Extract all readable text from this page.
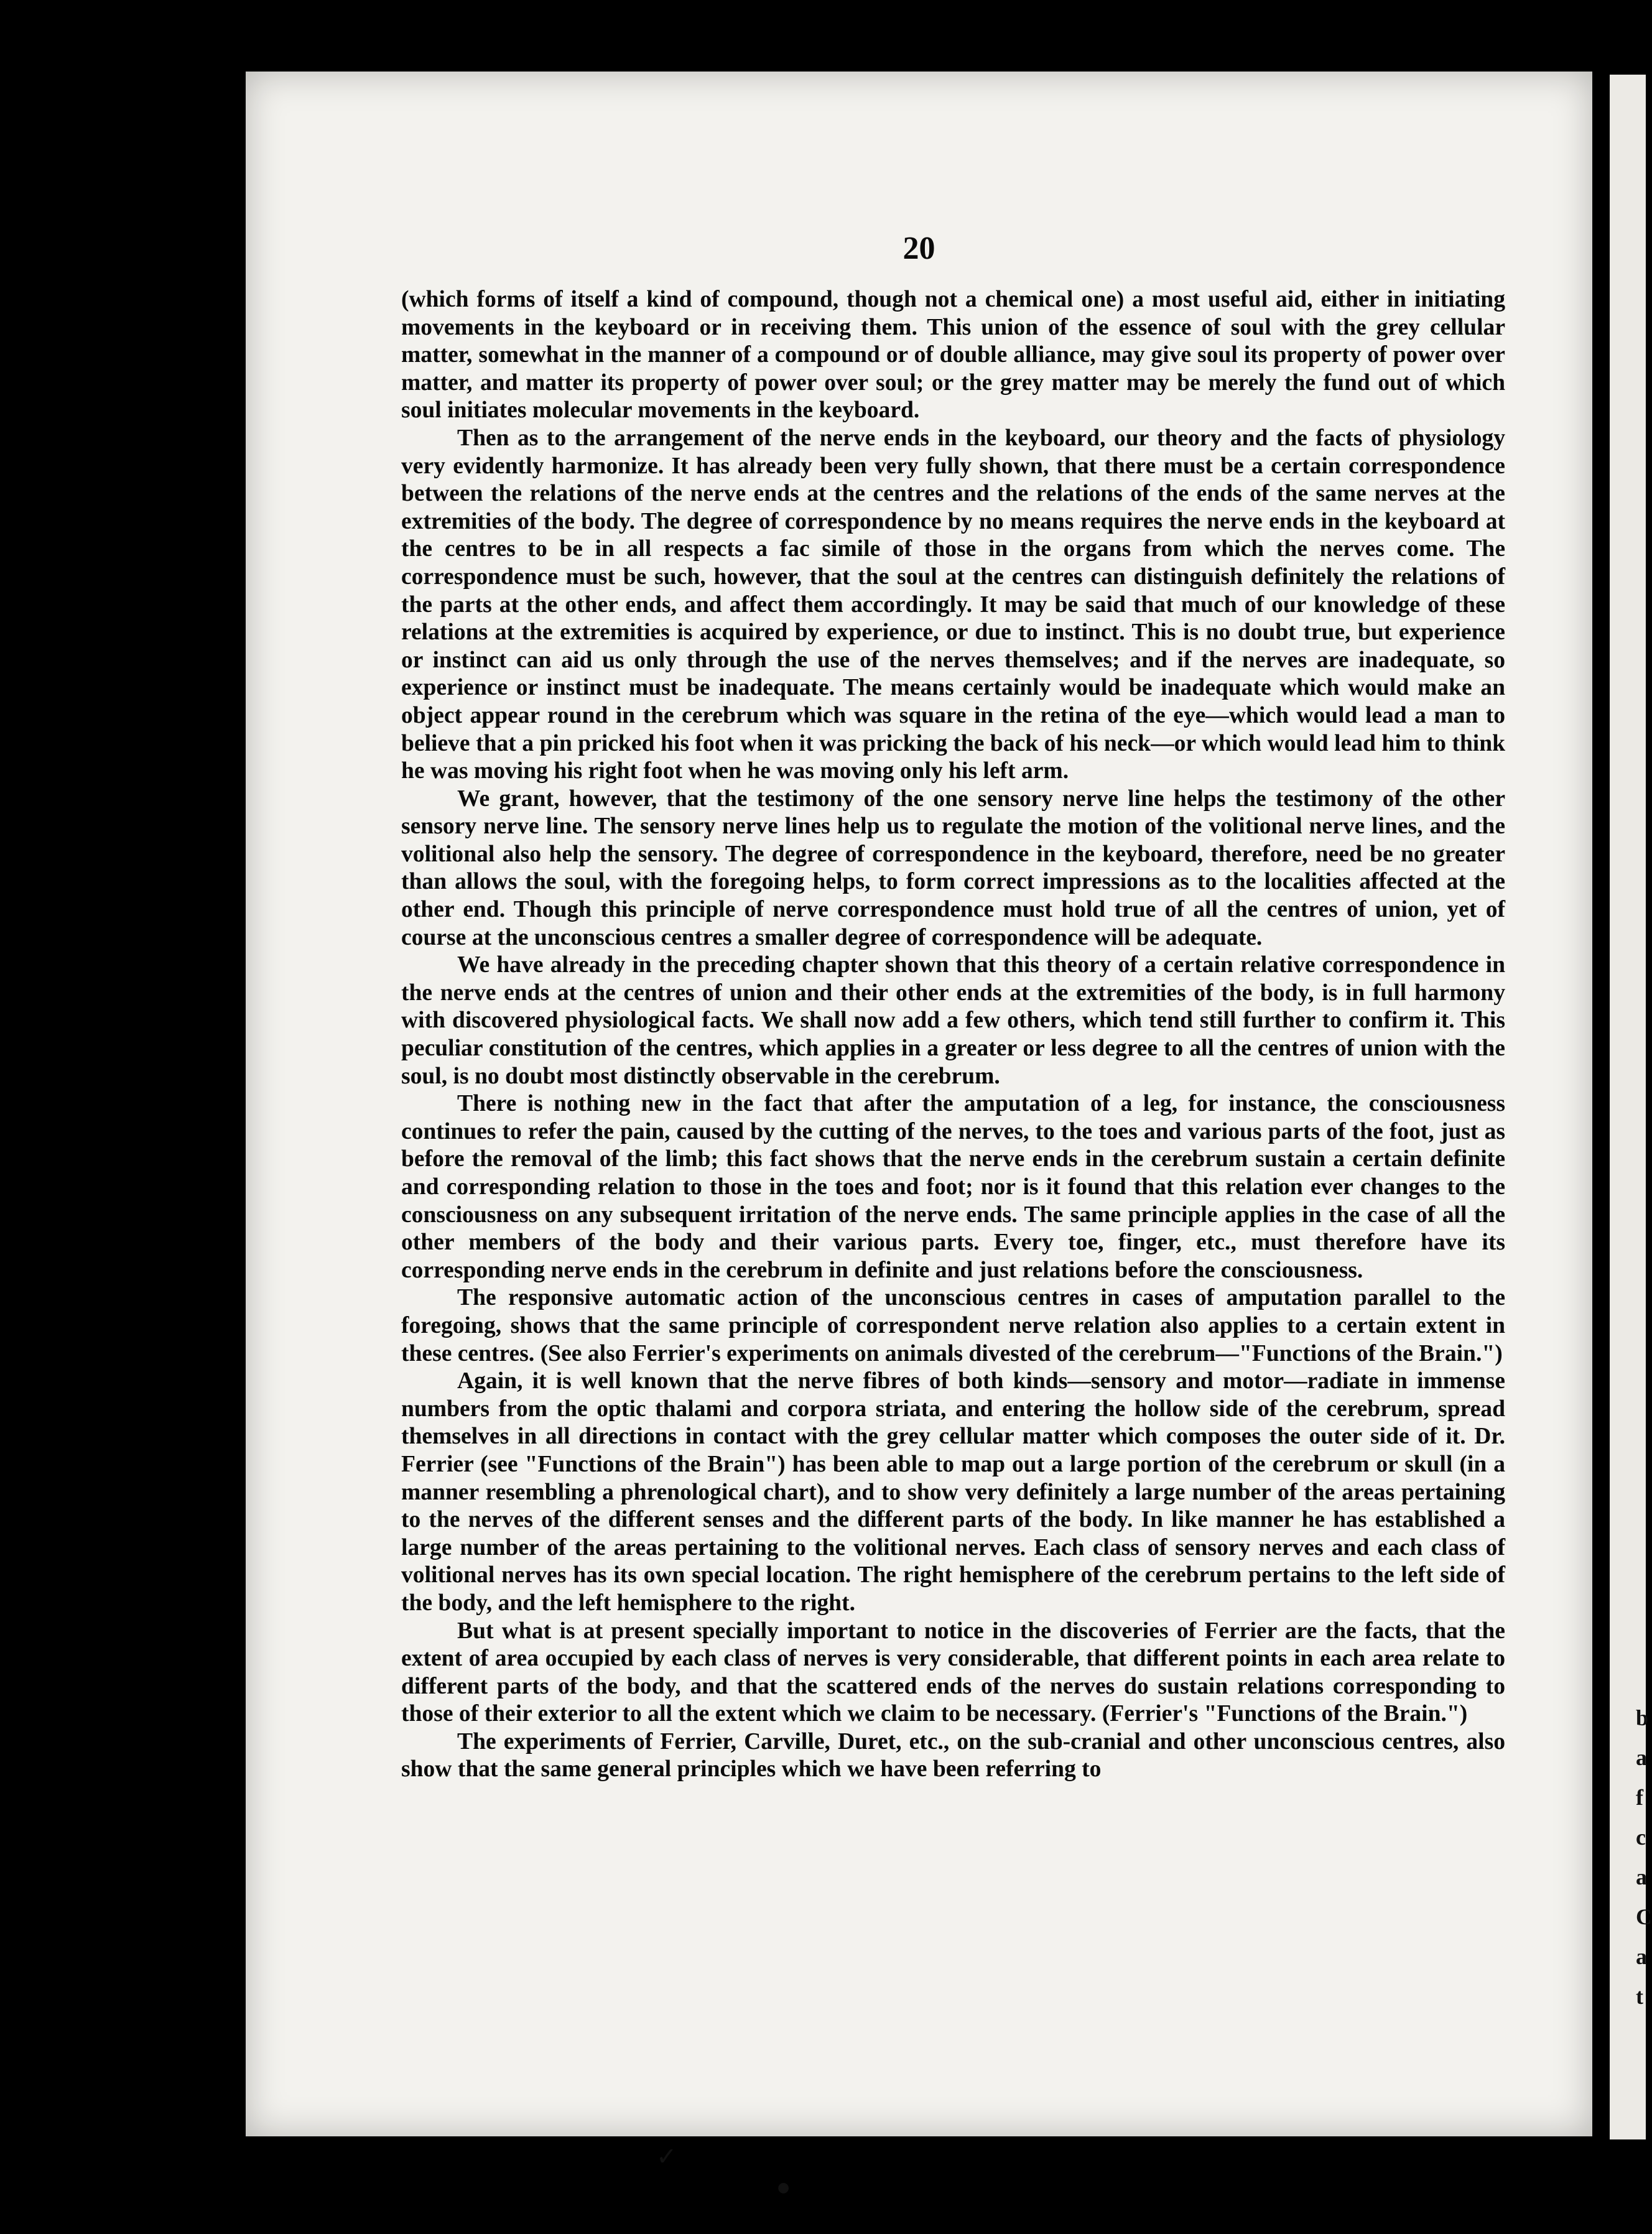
bafcaCat
20

(which forms of itself a kind of compound, though not a chemical one) a most useful aid, either in initiating movements in the keyboard or in receiving them. This union of the essence of soul with the grey cellular matter, somewhat in the manner of a compound or of double alliance, may give soul its property of power over matter, and matter its property of power over soul; or the grey matter may be merely the fund out of which soul initiates molecular movements in the keyboard.

Then as to the arrangement of the nerve ends in the keyboard, our theory and the facts of physiology very evidently harmonize. It has already been very fully shown, that there must be a certain correspondence between the relations of the nerve ends at the centres and the relations of the ends of the same nerves at the extremities of the body. The degree of correspondence by no means requires the nerve ends in the keyboard at the centres to be in all respects a fac simile of those in the organs from which the nerves come. The correspondence must be such, however, that the soul at the centres can distinguish definitely the relations of the parts at the other ends, and affect them accordingly. It may be said that much of our knowledge of these relations at the extremities is acquired by experience, or due to instinct. This is no doubt true, but experience or instinct can aid us only through the use of the nerves themselves; and if the nerves are inadequate, so experience or instinct must be inadequate. The means certainly would be inadequate which would make an object appear round in the cerebrum which was square in the retina of the eye—which would lead a man to believe that a pin pricked his foot when it was pricking the back of his neck—or which would lead him to think he was moving his right foot when he was moving only his left arm.

We grant, however, that the testimony of the one sensory nerve line helps the testimony of the other sensory nerve line. The sensory nerve lines help us to regulate the motion of the volitional nerve lines, and the volitional also help the sensory. The degree of correspondence in the keyboard, therefore, need be no greater than allows the soul, with the foregoing helps, to form correct impressions as to the localities affected at the other end. Though this principle of nerve correspondence must hold true of all the centres of union, yet of course at the unconscious centres a smaller degree of correspondence will be adequate.

We have already in the preceding chapter shown that this theory of a certain relative correspondence in the nerve ends at the centres of union and their other ends at the extremities of the body, is in full harmony with discovered physiological facts. We shall now add a few others, which tend still further to confirm it. This peculiar constitution of the centres, which applies in a greater or less degree to all the centres of union with the soul, is no doubt most distinctly observable in the cerebrum.

There is nothing new in the fact that after the amputation of a leg, for instance, the consciousness continues to refer the pain, caused by the cutting of the nerves, to the toes and various parts of the foot, just as before the removal of the limb; this fact shows that the nerve ends in the cerebrum sustain a certain definite and corresponding relation to those in the toes and foot; nor is it found that this relation ever changes to the consciousness on any subsequent irritation of the nerve ends. The same principle applies in the case of all the other members of the body and their various parts. Every toe, finger, etc., must therefore have its corresponding nerve ends in the cerebrum in definite and just relations before the consciousness.

The responsive automatic action of the unconscious centres in cases of amputation parallel to the foregoing, shows that the same principle of correspondent nerve relation also applies to a certain extent in these centres. (See also Ferrier's experiments on animals divested of the cerebrum—"Functions of the Brain.")

Again, it is well known that the nerve fibres of both kinds—sensory and motor—radiate in immense numbers from the optic thalami and corpora striata, and entering the hollow side of the cerebrum, spread themselves in all directions in contact with the grey cellular matter which composes the outer side of it. Dr. Ferrier (see "Functions of the Brain") has been able to map out a large portion of the cerebrum or skull (in a manner resembling a phrenological chart), and to show very definitely a large number of the areas pertaining to the nerves of the different senses and the different parts of the body. In like manner he has established a large number of the areas pertaining to the volitional nerves. Each class of sensory nerves and each class of volitional nerves has its own special location. The right hemisphere of the cerebrum pertains to the left side of the body, and the left hemisphere to the right.

But what is at present specially important to notice in the discoveries of Ferrier are the facts, that the extent of area occupied by each class of nerves is very considerable, that different points in each area relate to different parts of the body, and that the scattered ends of the nerves do sustain relations corresponding to those of their exterior to all the extent which we claim to be necessary. (Ferrier's "Functions of the Brain.")

The experiments of Ferrier, Carville, Duret, etc., on the sub-cranial and other unconscious centres, also show that the same general principles which we have been referring to

✓
●
